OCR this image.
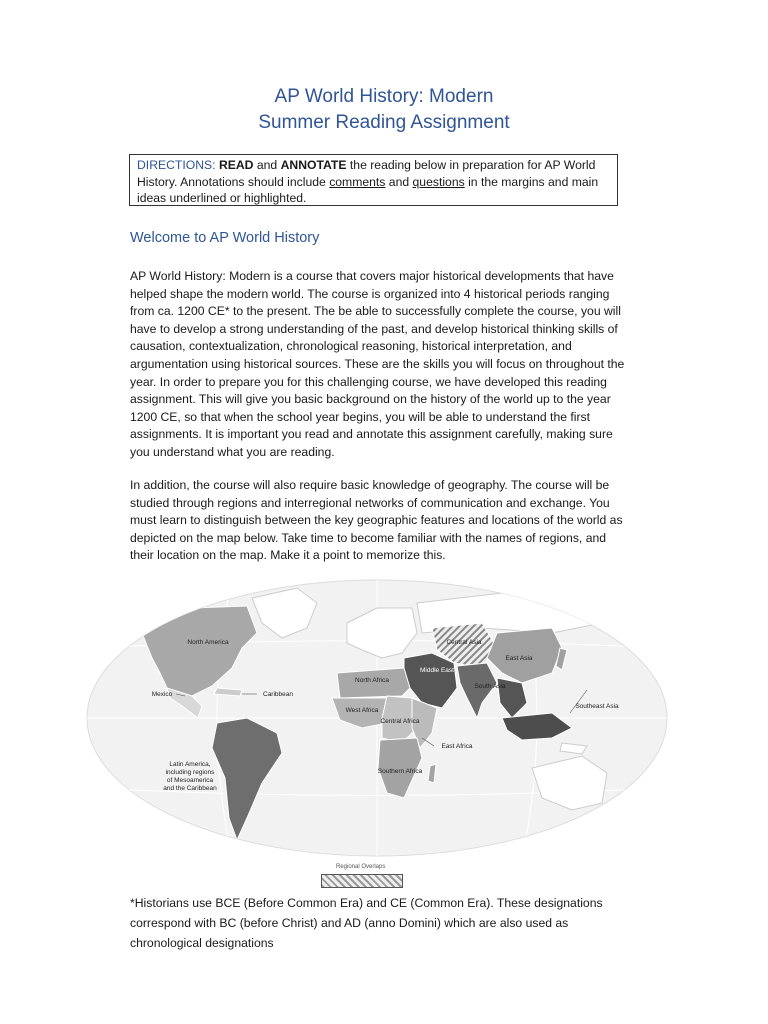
AP World History: Modern
Summer Reading Assignment
DIRECTIONS: READ and ANNOTATE the reading below in preparation for AP World History. Annotations should include comments and questions in the margins and main ideas underlined or highlighted.
Welcome to AP World History
AP World History: Modern is a course that covers major historical developments that have helped shape the modern world. The course is organized into 4 historical periods ranging from ca. 1200 CE* to the present. The be able to successfully complete the course, you will have to develop a strong understanding of the past, and develop historical thinking skills of causation, contextualization, chronological reasoning, historical interpretation, and argumentation using historical sources. These are the skills you will focus on throughout the year. In order to prepare you for this challenging course, we have developed this reading assignment. This will give you basic background on the history of the world up to the year 1200 CE, so that when the school year begins, you will be able to understand the first assignments. It is important you read and annotate this assignment carefully, making sure you understand what you are reading.
In addition, the course will also require basic knowledge of geography. The course will be studied through regions and interregional networks of communication and exchange. You must learn to distinguish between the key geographic features and locations of the world as depicted on the map below. Take time to become familiar with the names of regions, and their location on the map. Make it a point to memorize this.
North America
Mexico	Caribbean
Latin America,
including regions
of Mesoamerica
and the Caribbean
North Africa
West Africa
Central Africa
East Africa
Southern Africa
Middle East
Central Asia
East Asia
South Asia
Southeast Asia
Regional Overlaps
*Historians use BCE (Before Common Era) and CE (Common Era). These designations correspond with BC (before Christ) and AD (anno Domini) which are also used as chronological designations
